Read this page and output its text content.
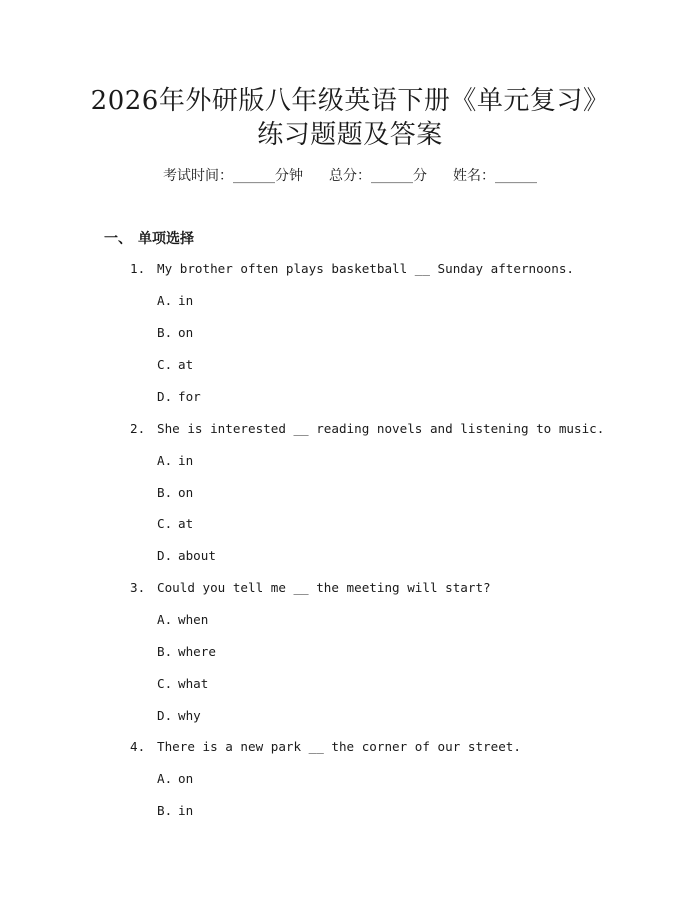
2026年外研版八年级英语下册《单元复习》
练习题题及答案
考试时间：______分钟 总分：______分 姓名：______
一、 单项选择
1. My brother often plays basketball __ Sunday afternoons.
A. in
B. on
C. at
D. for
2. She is interested __ reading novels and listening to music.
A. in
B. on
C. at
D. about
3. Could you tell me __ the meeting will start?
A. when
B. where
C. what
D. why
4. There is a new park __ the corner of our street.
A. on
B. in
